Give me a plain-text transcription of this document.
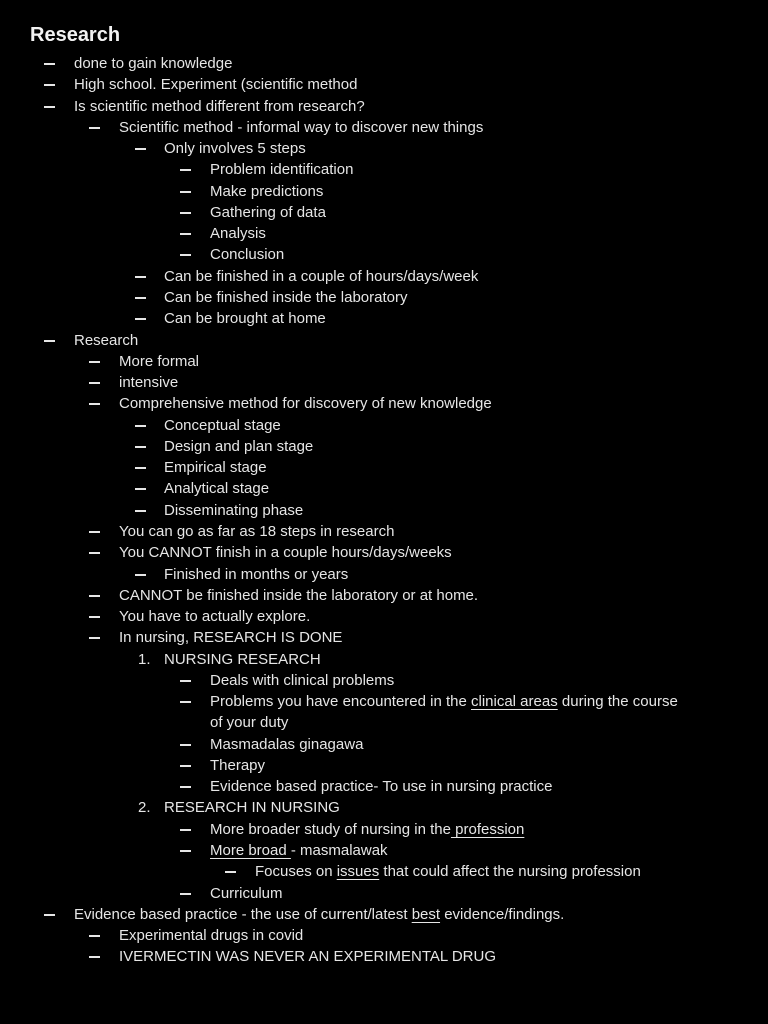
Research
done to gain knowledge
High school. Experiment (scientific method
Is scientific method different from research?
Scientific method - informal way to discover new things
Only involves 5 steps
Problem identification
Make predictions
Gathering of data
Analysis
Conclusion
Can be finished in a couple of hours/days/week
Can be finished inside the laboratory
Can be brought at home
Research
More formal
intensive
Comprehensive method for discovery of new knowledge
Conceptual stage
Design and plan stage
Empirical stage
Analytical stage
Disseminating phase
You can go as far as 18 steps in research
You CANNOT finish in a couple hours/days/weeks
Finished in months or years
CANNOT be finished inside the laboratory or at home.
You have to actually explore.
In nursing, RESEARCH IS DONE
1. NURSING RESEARCH
Deals with clinical problems
Problems you have encountered in the clinical areas during the course
of your duty
Masmadalas ginagawa
Therapy
Evidence based practice- To use in nursing practice
2. RESEARCH IN NURSING
More broader study of nursing in the profession
More broad - masmalawak
Focuses on issues that could affect the nursing profession
Curriculum
Evidence based practice - the use of current/latest best evidence/findings.
Experimental drugs in covid
IVERMECTIN WAS NEVER AN EXPERIMENTAL DRUG
